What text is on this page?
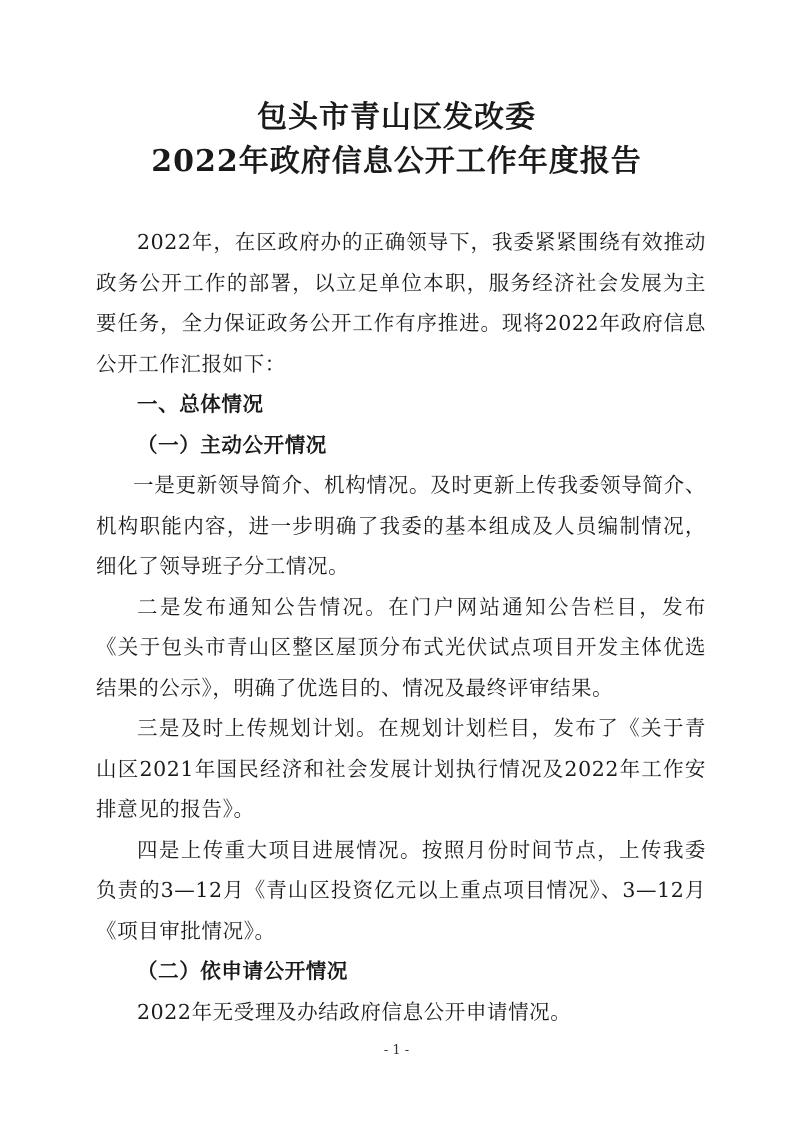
包头市青山区发改委
2022年政府信息公开工作年度报告

2022年，在区政府办的正确领导下，我委紧紧围绕有效推动政务公开工作的部署，以立足单位本职，服务经济社会发展为主要任务，全力保证政务公开工作有序推进。现将2022年政府信息公开工作汇报如下：

一、总体情况

（一）主动公开情况

一是更新领导简介、机构情况。及时更新上传我委领导简介、机构职能内容，进一步明确了我委的基本组成及人员编制情况，细化了领导班子分工情况。

二是发布通知公告情况。在门户网站通知公告栏目，发布《关于包头市青山区整区屋顶分布式光伏试点项目开发主体优选结果的公示》，明确了优选目的、情况及最终评审结果。

三是及时上传规划计划。在规划计划栏目，发布了《关于青山区2021年国民经济和社会发展计划执行情况及2022年工作安排意见的报告》。

四是上传重大项目进展情况。按照月份时间节点，上传我委负责的3—12月《青山区投资亿元以上重点项目情况》、3—12月《项目审批情况》。

（二）依申请公开情况

2022年无受理及办结政府信息公开申请情况。

- 1 -
